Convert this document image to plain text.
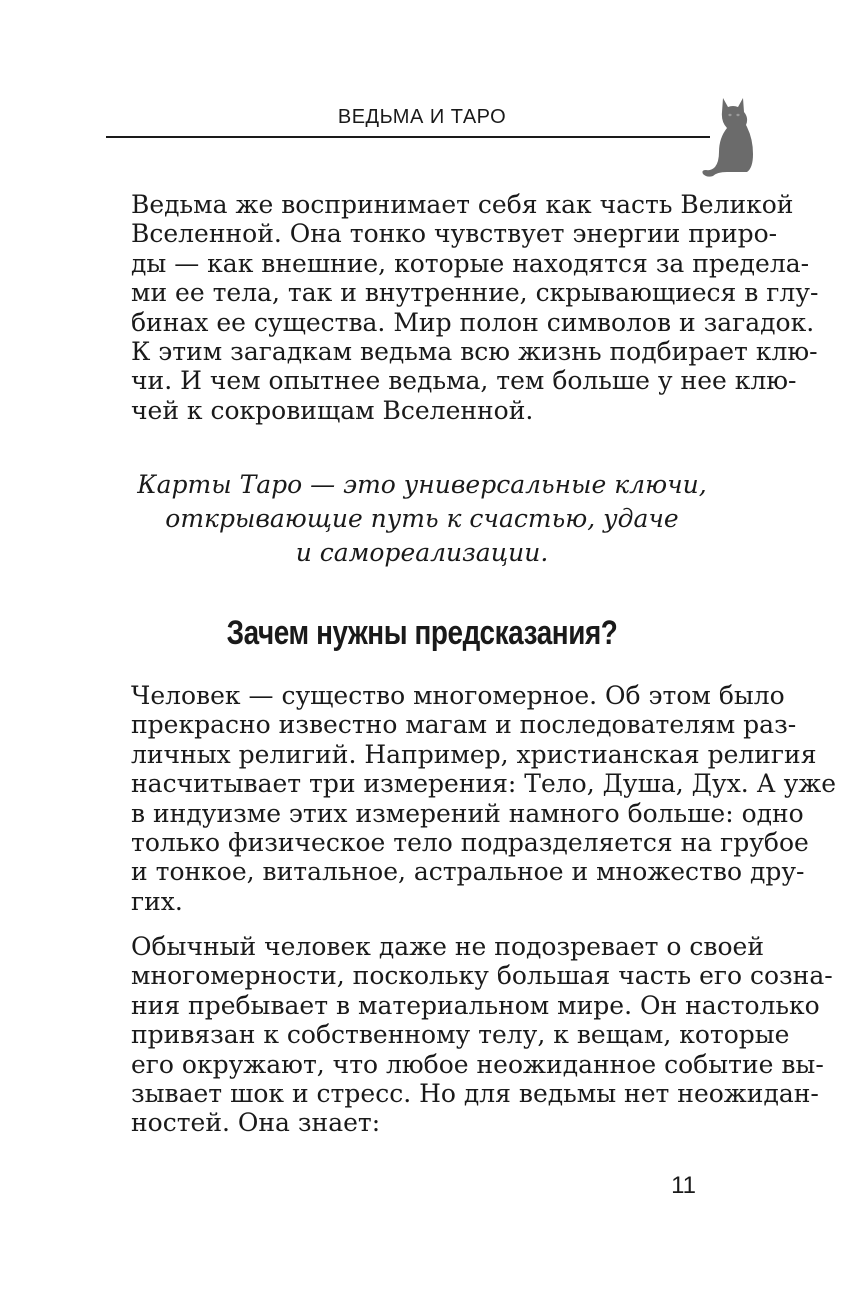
ВЕДЬМА И ТАРО
Ведьма же воспринимает себя как часть Великой
Вселенной. Она тонко чувствует энергии приро-
ды — как внешние, которые находятся за предела-
ми ее тела, так и внутренние, скрывающиеся в глу-
бинах ее существа. Мир полон символов и загадок.
К этим загадкам ведьма всю жизнь подбирает клю-
чи. И чем опытнее ведьма, тем больше у нее клю-
чей к сокровищам Вселенной.
Карты Таро — это универсальные ключи,
открывающие путь к счастью, удаче
и самореализации.
Зачем нужны предсказания?
Человек — существо многомерное. Об этом было
прекрасно известно магам и последователям раз-
личных религий. Например, христианская религия
насчитывает три измерения: Тело, Душа, Дух. А уже
в индуизме этих измерений намного больше: одно
только физическое тело подразделяется на грубое
и тонкое, витальное, астральное и множество дру-
гих.
Обычный человек даже не подозревает о своей
многомерности, поскольку большая часть его созна-
ния пребывает в материальном мире. Он настолько
привязан к собственному телу, к вещам, которые
его окружают, что любое неожиданное событие вы-
зывает шок и стресс. Но для ведьмы нет неожидан-
ностей. Она знает:
11
